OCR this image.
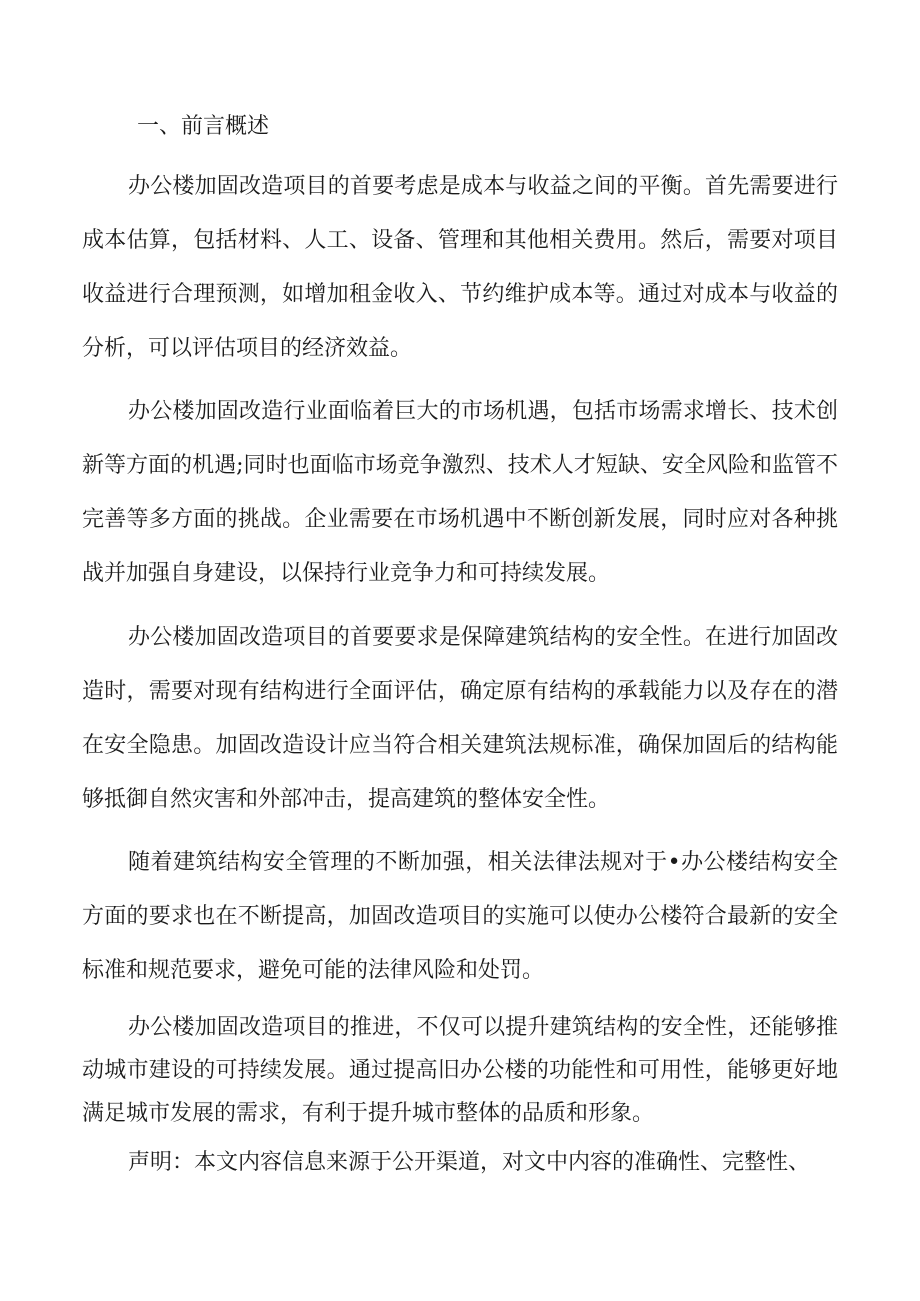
一、前言概述

办公楼加固改造项目的首要考虑是成本与收益之间的平衡。首先需要进行成本估算，包括材料、人工、设备、管理和其他相关费用。然后，需要对项目收益进行合理预测，如增加租金收入、节约维护成本等。通过对成本与收益的分析，可以评估项目的经济效益。

办公楼加固改造行业面临着巨大的市场机遇，包括市场需求增长、技术创新等方面的机遇;同时也面临市场竞争激烈、技术人才短缺、安全风险和监管不完善等多方面的挑战。企业需要在市场机遇中不断创新发展，同时应对各种挑战并加强自身建设，以保持行业竞争力和可持续发展。

办公楼加固改造项目的首要要求是保障建筑结构的安全性。在进行加固改造时，需要对现有结构进行全面评估，确定原有结构的承载能力以及存在的潜在安全隐患。加固改造设计应当符合相关建筑法规标准，确保加固后的结构能够抵御自然灾害和外部冲击，提高建筑的整体安全性。

随着建筑结构安全管理的不断加强，相关法律法规对于•办公楼结构安全方面的要求也在不断提高，加固改造项目的实施可以使办公楼符合最新的安全标准和规范要求，避免可能的法律风险和处罚。

办公楼加固改造项目的推进，不仅可以提升建筑结构的安全性，还能够推动城市建设的可持续发展。通过提高旧办公楼的功能性和可用性，能够更好地满足城市发展的需求，有利于提升城市整体的品质和形象。

声明：本文内容信息来源于公开渠道，对文中内容的准确性、完整性、
